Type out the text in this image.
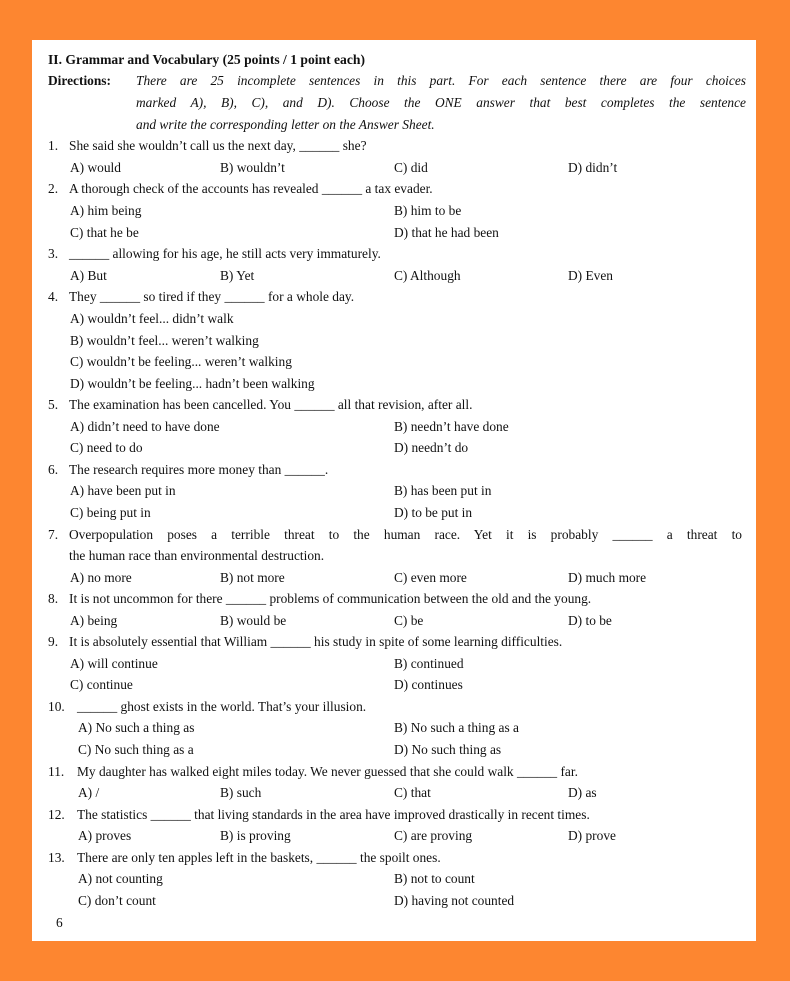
II. Grammar and Vocabulary (25 points / 1 point each)
Directions: There are 25 incomplete sentences in this part. For each sentence there are four choices
marked A), B), C), and D). Choose the ONE answer that best completes the sentence
and write the corresponding letter on the Answer Sheet.
1. She said she wouldn’t call us the next day, ______ she?
A) would	B) wouldn’t	C) did	D) didn’t
2. A thorough check of the accounts has revealed ______ a tax evader.
A) him being	B) him to be
C) that he be	D) that he had been
3. ______ allowing for his age, he still acts very immaturely.
A) But	B) Yet	C) Although	D) Even
4. They ______ so tired if they ______ for a whole day.
A) wouldn’t feel... didn’t walk
B) wouldn’t feel... weren’t walking
C) wouldn’t be feeling... weren’t walking
D) wouldn’t be feeling... hadn’t been walking
5. The examination has been cancelled. You ______ all that revision, after all.
A) didn’t need to have done	B) needn’t have done
C) need to do	D) needn’t do
6. The research requires more money than ______.
A) have been put in	B) has been put in
C) being put in	D) to be put in
7. Overpopulation poses a terrible threat to the human race. Yet it is probably ______ a threat to
the human race than environmental destruction.
A) no more	B) not more	C) even more	D) much more
8. It is not uncommon for there ______ problems of communication between the old and the young.
A) being	B) would be	C) be	D) to be
9. It is absolutely essential that William ______ his study in spite of some learning difficulties.
A) will continue	B) continued
C) continue	D) continues
10. ______ ghost exists in the world. That’s your illusion.
A) No such a thing as	B) No such a thing as a
C) No such thing as a	D) No such thing as
11. My daughter has walked eight miles today. We never guessed that she could walk ______ far.
A) /	B) such	C) that	D) as
12. The statistics ______ that living standards in the area have improved drastically in recent times.
A) proves	B) is proving	C) are proving	D) prove
13. There are only ten apples left in the baskets, ______ the spoilt ones.
A) not counting	B) not to count
C) don’t count	D) having not counted
6
